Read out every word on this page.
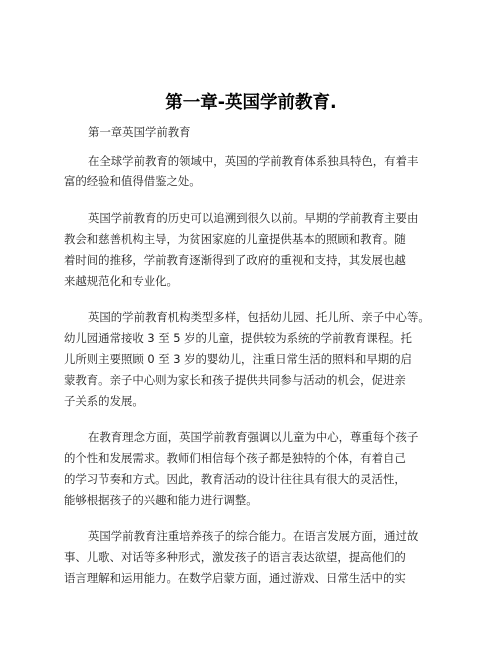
第一章-英国学前教育.
第一章英国学前教育
在全球学前教育的领域中，英国的学前教育体系独具特色，有着丰
富的经验和值得借鉴之处。
英国学前教育的历史可以追溯到很久以前。早期的学前教育主要由
教会和慈善机构主导，为贫困家庭的儿童提供基本的照顾和教育。随
着时间的推移，学前教育逐渐得到了政府的重视和支持，其发展也越
来越规范化和专业化。
英国的学前教育机构类型多样，包括幼儿园、托儿所、亲子中心等。
幼儿园通常接收 3 至 5 岁的儿童，提供较为系统的学前教育课程。托
儿所则主要照顾 0 至 3 岁的婴幼儿，注重日常生活的照料和早期的启
蒙教育。亲子中心则为家长和孩子提供共同参与活动的机会，促进亲
子关系的发展。
在教育理念方面，英国学前教育强调以儿童为中心，尊重每个孩子
的个性和发展需求。教师们相信每个孩子都是独特的个体，有着自己
的学习节奏和方式。因此，教育活动的设计往往具有很大的灵活性，
能够根据孩子的兴趣和能力进行调整。
英国学前教育注重培养孩子的综合能力。在语言发展方面，通过故
事、儿歌、对话等多种形式，激发孩子的语言表达欲望，提高他们的
语言理解和运用能力。在数学启蒙方面，通过游戏、日常生活中的实
